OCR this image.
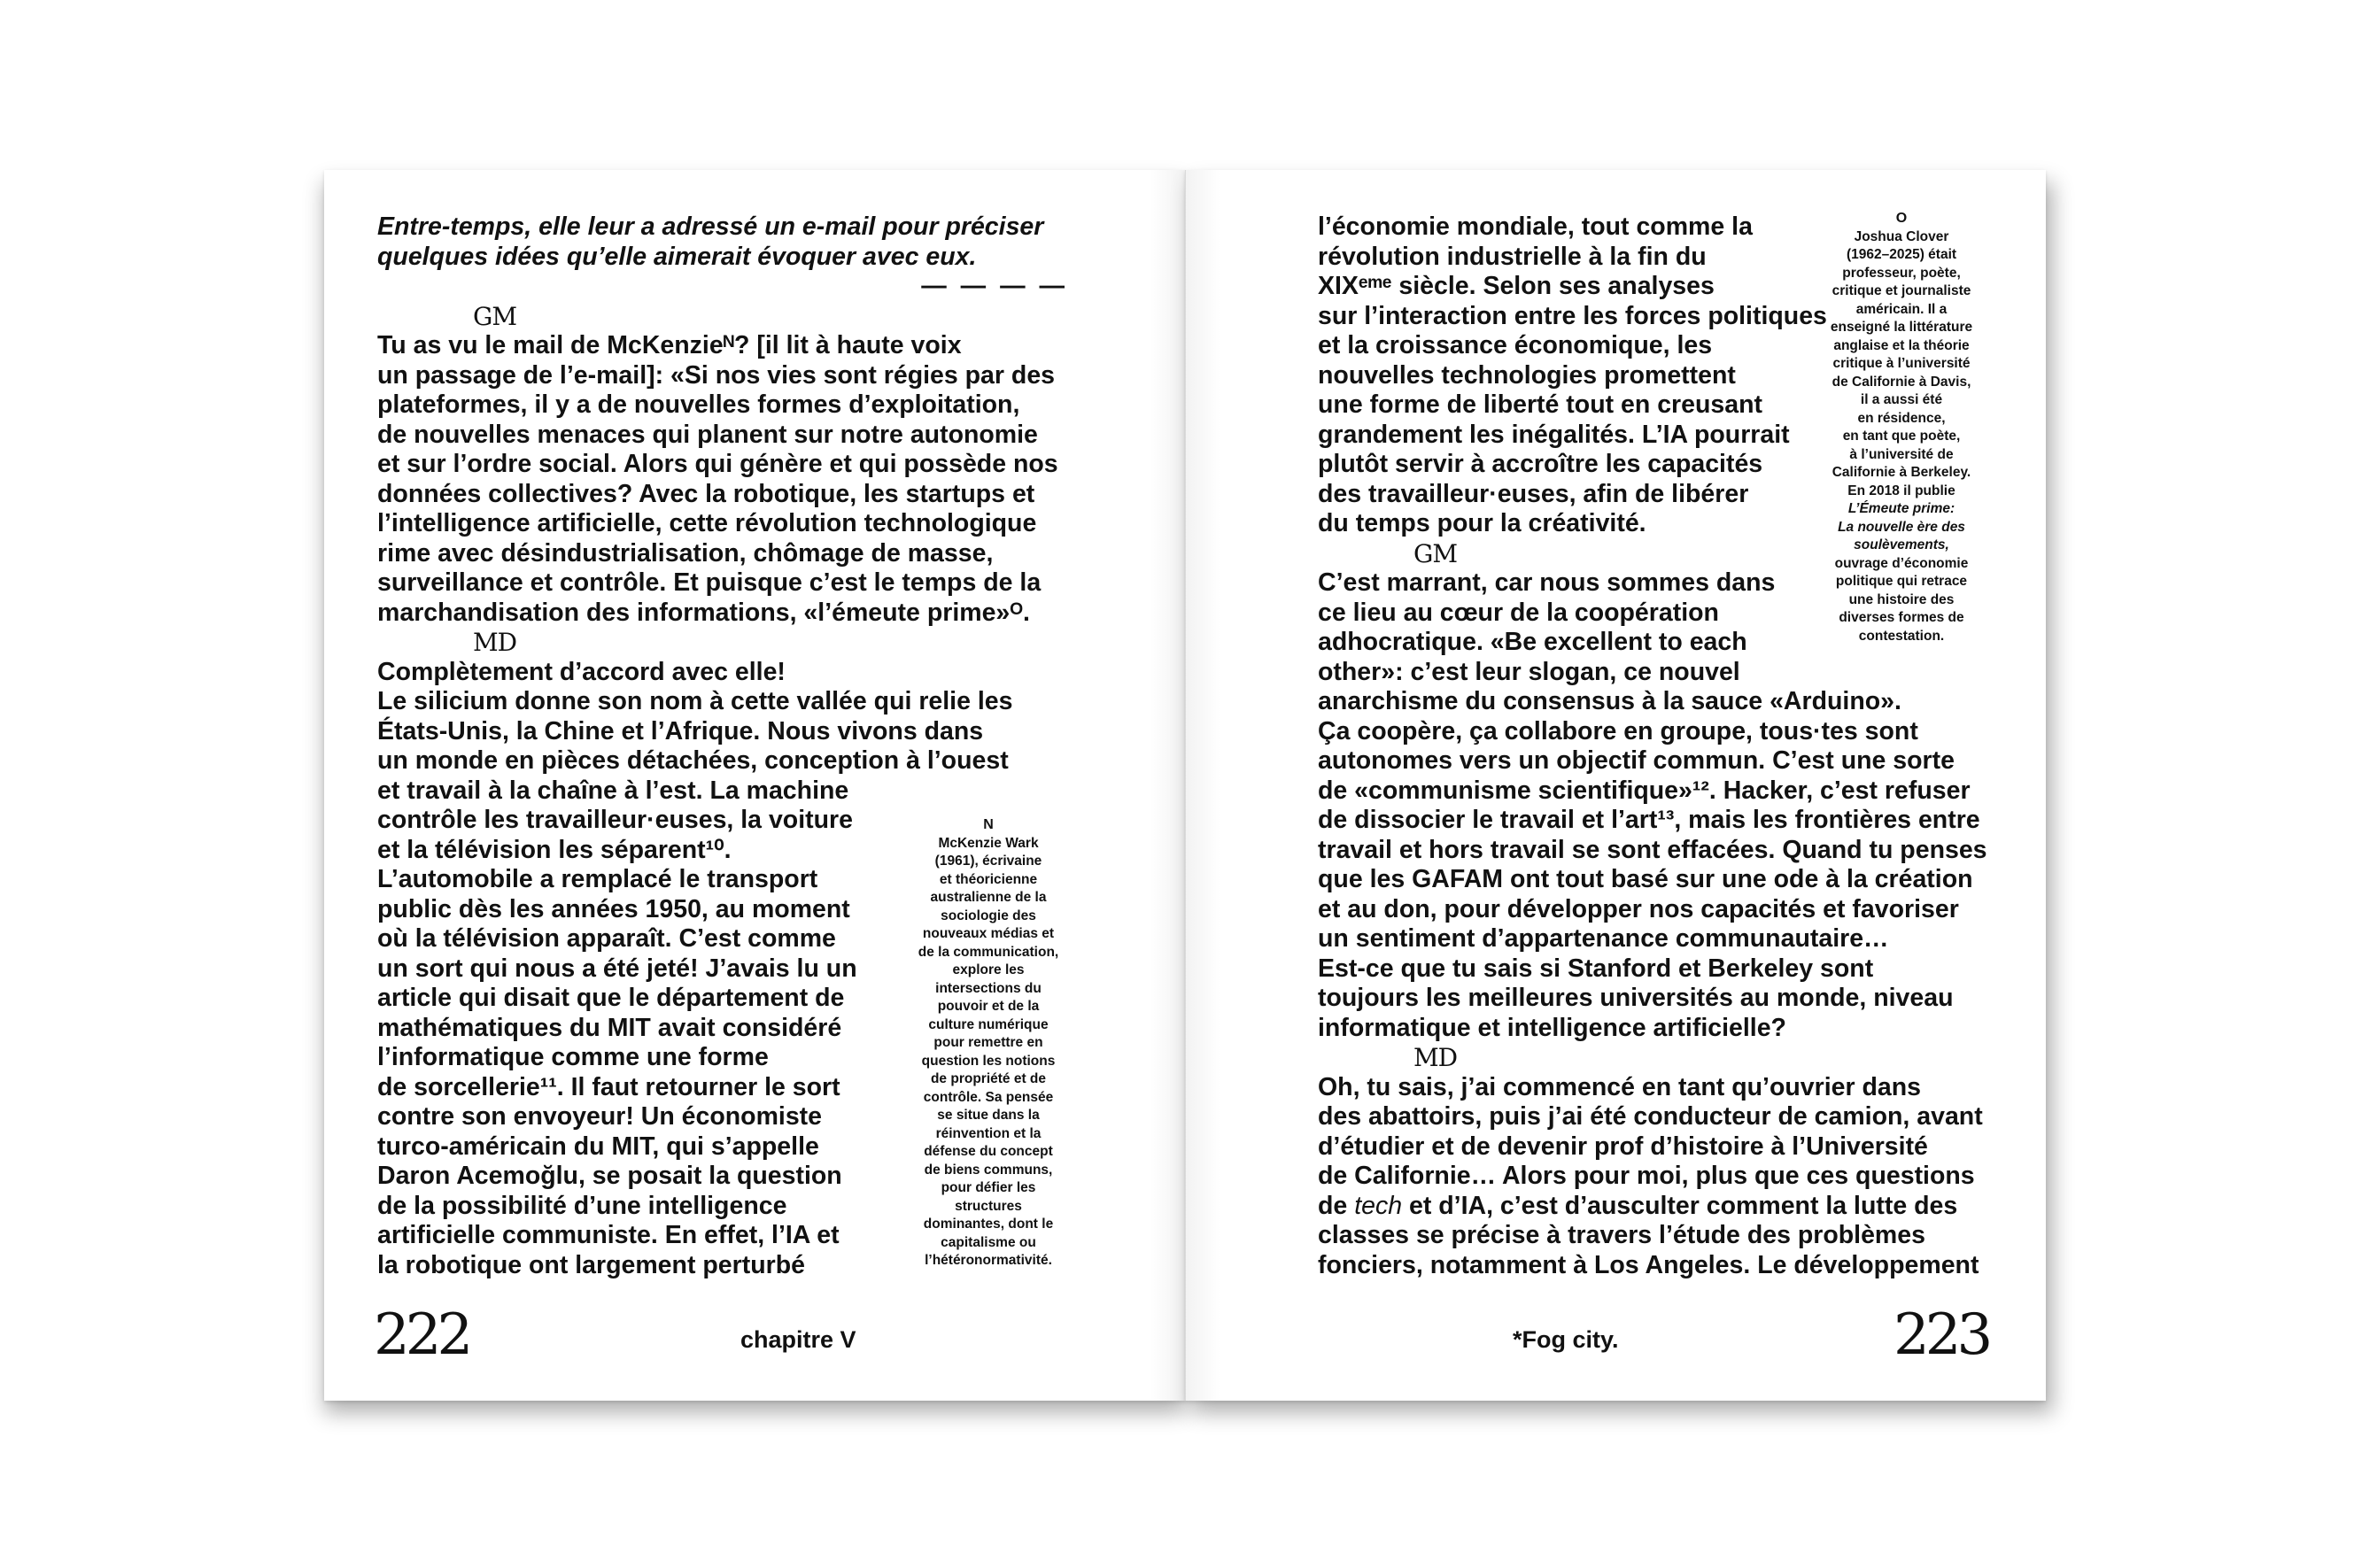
Entre-temps, elle leur a adressé un e-mail pour préciser
quelques idées qu’elle aimerait évoquer avec eux.
— — — —
GM
Tu as vu le mail de McKenzieᴺ? [il lit à haute voix
un passage de l’e-mail]: «Si nos vies sont régies par des
plateformes, il y a de nouvelles formes d’exploitation,
de nouvelles menaces qui planent sur notre autonomie
et sur l’ordre social. Alors qui génère et qui possède nos
données collectives? Avec la robotique, les startups et
l’intelligence artificielle, cette révolution technologique
rime avec désindustrialisation, chômage de masse,
surveillance et contrôle. Et puisque c’est le temps de la
marchandisation des informations, «l’émeute prime»ᴼ.
MD
Complètement d’accord avec elle!
Le silicium donne son nom à cette vallée qui relie les
États-Unis, la Chine et l’Afrique. Nous vivons dans
un monde en pièces détachées, conception à l’ouest
et travail à la chaîne à l’est. La machine
contrôle les travailleur·euses, la voiture
et la télévision les séparent¹⁰.
L’automobile a remplacé le transport
public dès les années 1950, au moment
où la télévision apparaît. C’est comme
un sort qui nous a été jeté! J’avais lu un
article qui disait que le département de
mathématiques du MIT avait considéré
l’informatique comme une forme
de sorcellerie¹¹. Il faut retourner le sort
contre son envoyeur! Un économiste
turco-américain du MIT, qui s’appelle
Daron Acemoğlu, se posait la question
de la possibilité d’une intelligence
artificielle communiste. En effet, l’IA et
la robotique ont largement perturbé
N
McKenzie Wark
(1961), écrivaine
et théoricienne
australienne de la
sociologie des
nouveaux médias et
de la communication,
explore les
intersections du
pouvoir et de la
culture numérique
pour remettre en
question les notions
de propriété et de
contrôle. Sa pensée
se situe dans la
réinvention et la
défense du concept
de biens communs,
pour défier les
structures
dominantes, dont le
capitalisme ou
l’hétéronormativité.
222	chapitre V
l’économie mondiale, tout comme la
révolution industrielle à la fin du
XIXᵉᵐᵉ siècle. Selon ses analyses
sur l’interaction entre les forces politiques
et la croissance économique, les
nouvelles technologies promettent
une forme de liberté tout en creusant
grandement les inégalités. L’IA pourrait
plutôt servir à accroître les capacités
des travailleur·euses, afin de libérer
du temps pour la créativité.
GM
C’est marrant, car nous sommes dans
ce lieu au cœur de la coopération
adhocratique. «Be excellent to each
other»: c’est leur slogan, ce nouvel
anarchisme du consensus à la sauce «Arduino».
Ça coopère, ça collabore en groupe, tous·tes sont
autonomes vers un objectif commun. C’est une sorte
de «communisme scientifique»¹². Hacker, c’est refuser
de dissocier le travail et l’art¹³, mais les frontières entre
travail et hors travail se sont effacées. Quand tu penses
que les GAFAM ont tout basé sur une ode à la création
et au don, pour développer nos capacités et favoriser
un sentiment d’appartenance communautaire…
Est-ce que tu sais si Stanford et Berkeley sont
toujours les meilleures universités au monde, niveau
informatique et intelligence artificielle?
MD
Oh, tu sais, j’ai commencé en tant qu’ouvrier dans
des abattoirs, puis j’ai été conducteur de camion, avant
d’étudier et de devenir prof d’histoire à l’Université
de Californie… Alors pour moi, plus que ces questions
de tech et d’IA, c’est d’ausculter comment la lutte des
classes se précise à travers l’étude des problèmes
fonciers, notamment à Los Angeles. Le développement
O
Joshua Clover
(1962–2025) était
professeur, poète,
critique et journaliste
américain. Il a
enseigné la littérature
anglaise et la théorie
critique à l’université
de Californie à Davis,
il a aussi été
en résidence,
en tant que poète,
à l’université de
Californie à Berkeley.
En 2018 il publie
L’Émeute prime:
La nouvelle ère des
soulèvements,
ouvrage d’économie
politique qui retrace
une histoire des
diverses formes de
contestation.
*Fog city.	223
